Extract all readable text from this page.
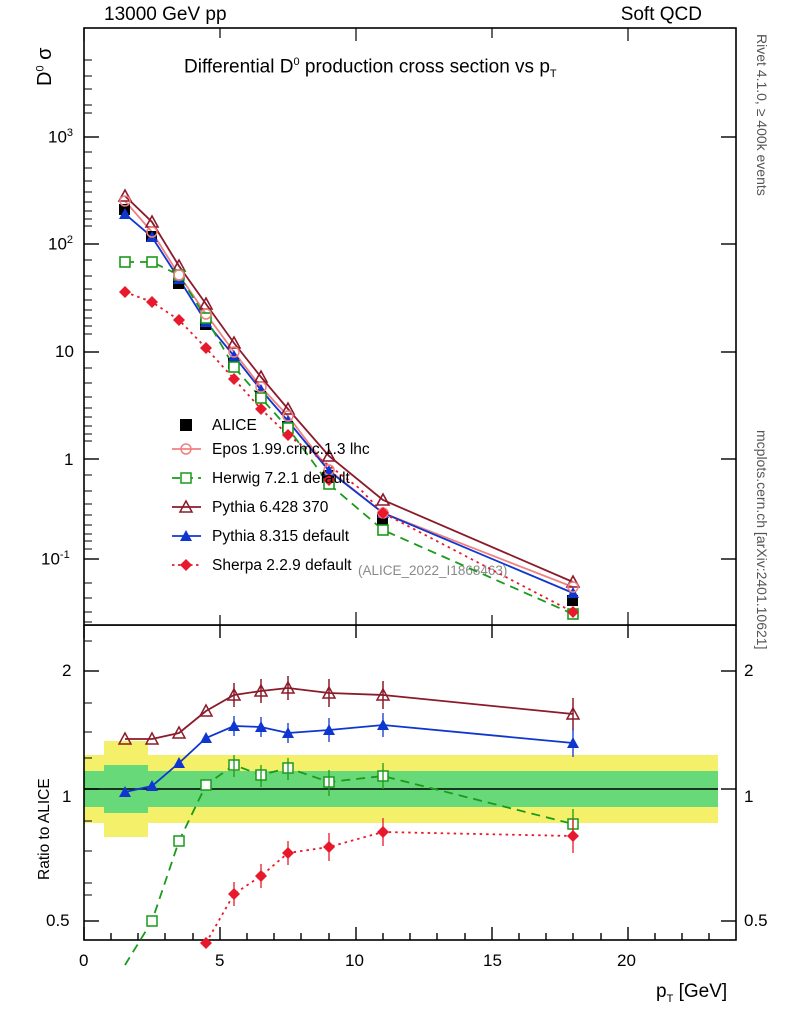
13000 GeV pp	Soft QCD
Rivet 4.1.0, ≥ 400k events
mcplots.cern.ch [arXiv:2401.10621]
$D^0$ σ	Differential $D^0$ production cross section vs $p_T$
$10^3$
$10^2$
10
1
$10^{-1}$
(ALICE_2022_I1868463)
ALICE
Epos 1.99.crmc.1.3 lhc
Herwig 7.2.1 default
Pythia 6.428 370
Pythia 8.315 default
Sherpa 2.2.9 default
Ratio to ALICE
2
1
0.5
2
1
0.5
0	5	10	15	20
$p_T$ [GeV]
